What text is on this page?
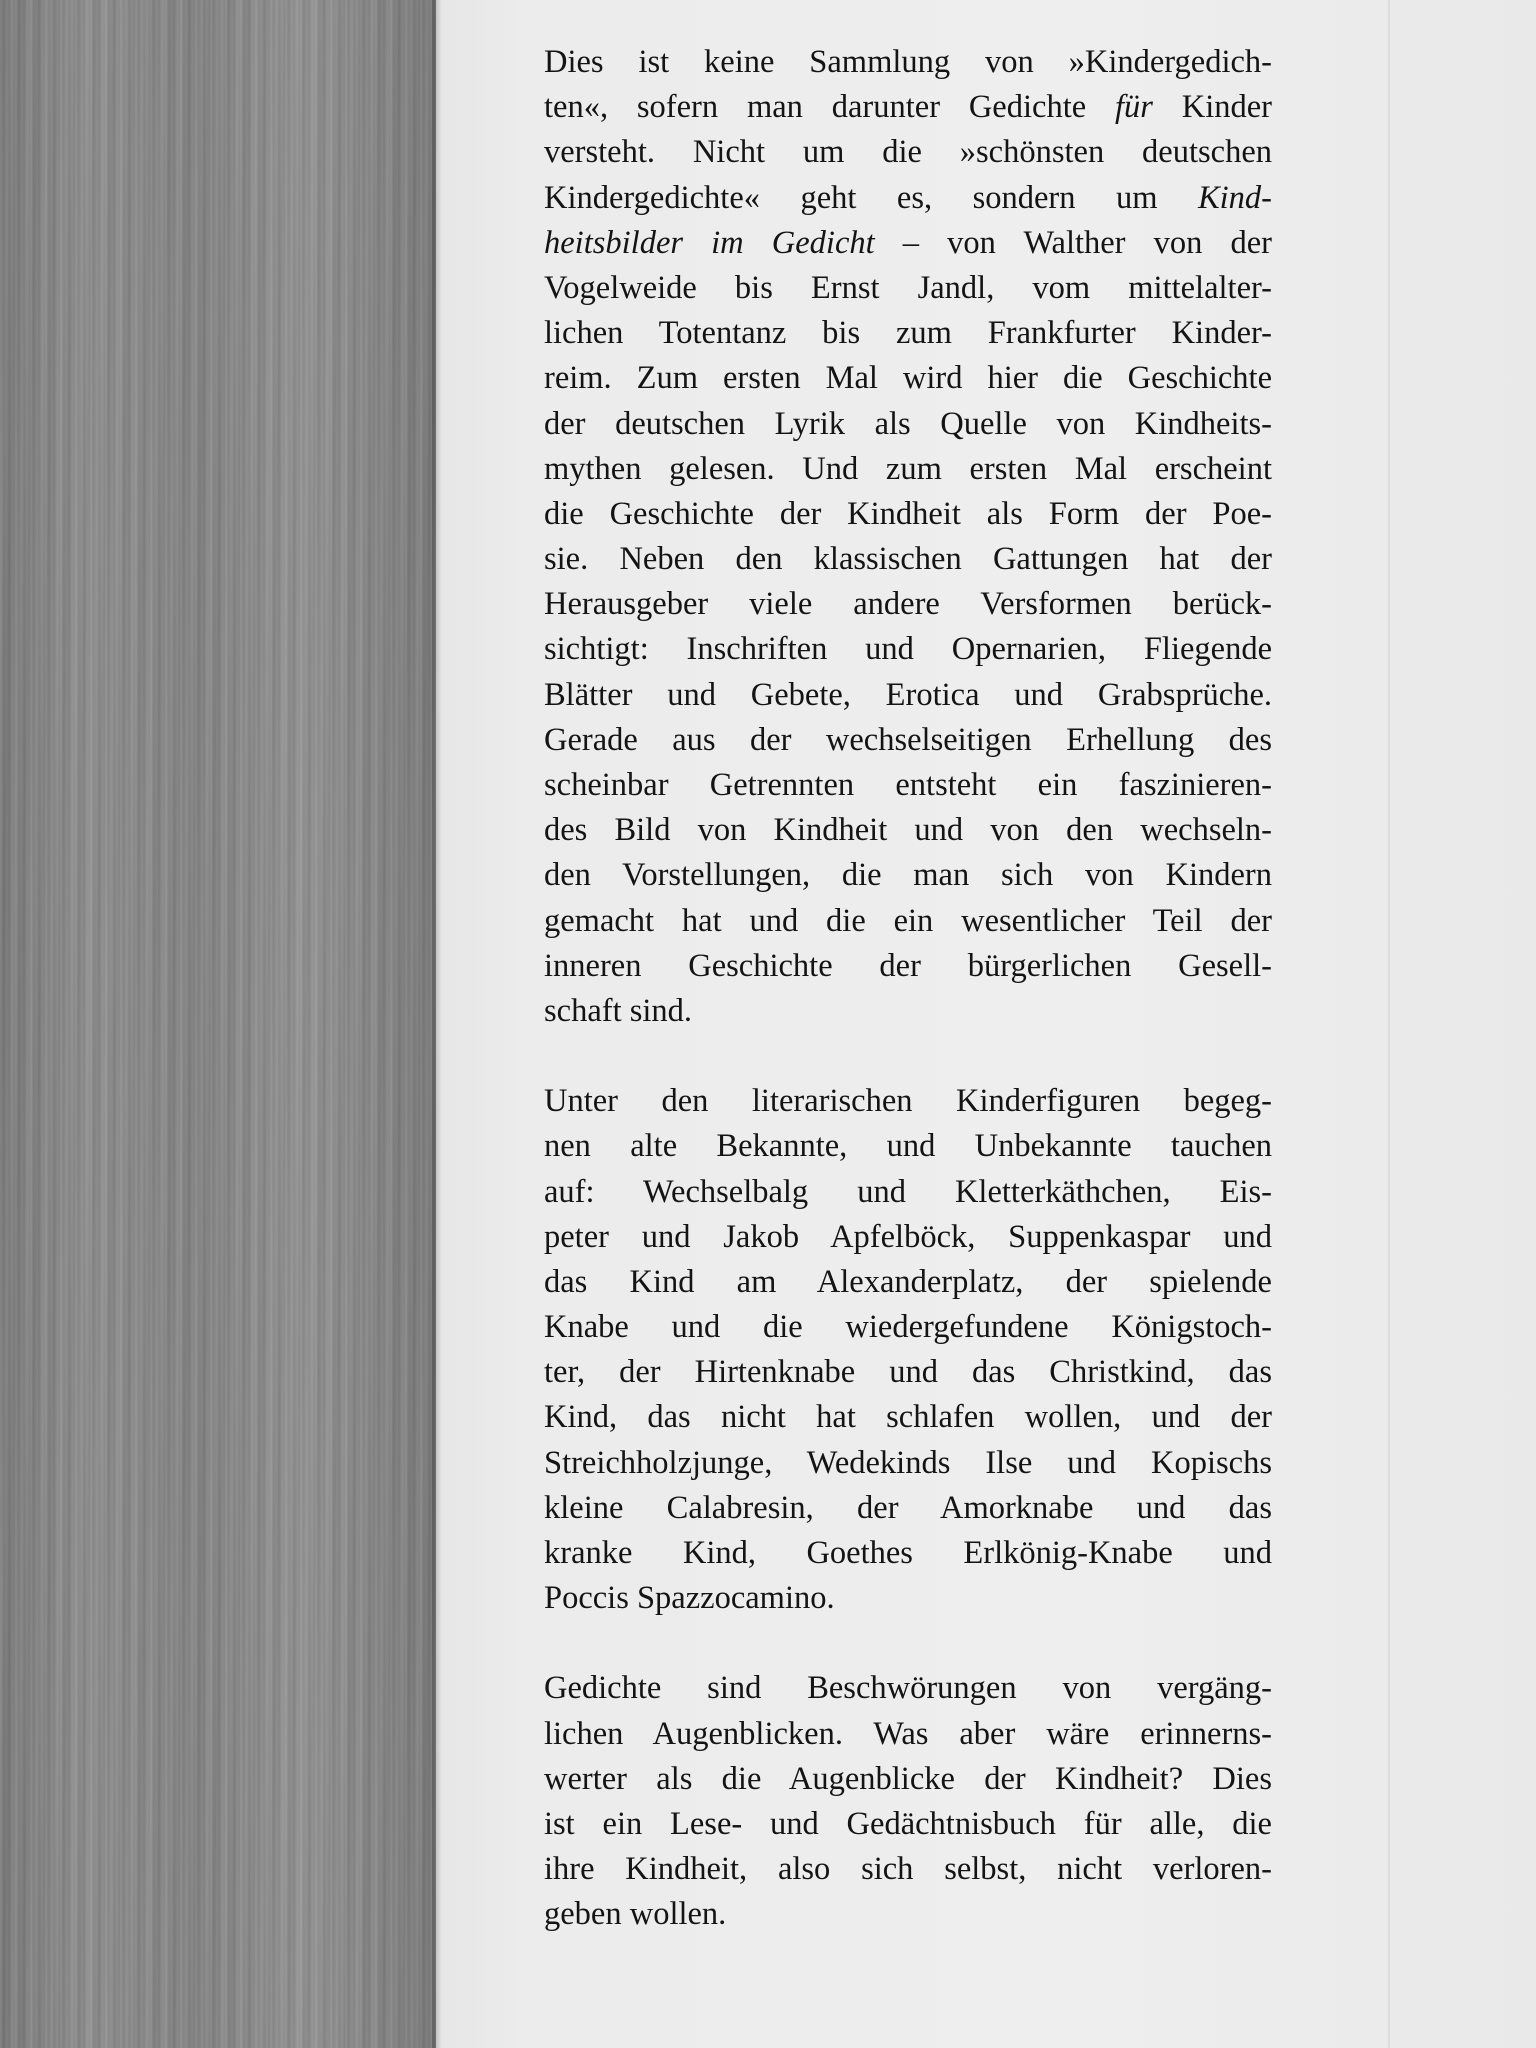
Dies ist keine Sammlung von »Kindergedich-
ten«, sofern man darunter Gedichte für Kinder
versteht. Nicht um die »schönsten deutschen
Kindergedichte« geht es, sondern um Kind-
heitsbilder im Gedicht – von Walther von der
Vogelweide bis Ernst Jandl, vom mittelalter-
lichen Totentanz bis zum Frankfurter Kinder-
reim. Zum ersten Mal wird hier die Geschichte
der deutschen Lyrik als Quelle von Kindheits-
mythen gelesen. Und zum ersten Mal erscheint
die Geschichte der Kindheit als Form der Poe-
sie. Neben den klassischen Gattungen hat der
Herausgeber viele andere Versformen berück-
sichtigt: Inschriften und Opernarien, Fliegende
Blätter und Gebete, Erotica und Grabsprüche.
Gerade aus der wechselseitigen Erhellung des
scheinbar Getrennten entsteht ein faszinieren-
des Bild von Kindheit und von den wechseln-
den Vorstellungen, die man sich von Kindern
gemacht hat und die ein wesentlicher Teil der
inneren Geschichte der bürgerlichen Gesell-
schaft sind.
Unter den literarischen Kinderfiguren begeg-
nen alte Bekannte, und Unbekannte tauchen
auf: Wechselbalg und Kletterkäthchen, Eis-
peter und Jakob Apfelböck, Suppenkaspar und
das Kind am Alexanderplatz, der spielende
Knabe und die wiedergefundene Königstoch-
ter, der Hirtenknabe und das Christkind, das
Kind, das nicht hat schlafen wollen, und der
Streichholzjunge, Wedekinds Ilse und Kopischs
kleine Calabresin, der Amorknabe und das
kranke Kind, Goethes Erlkönig-Knabe und
Poccis Spazzocamino.
Gedichte sind Beschwörungen von vergäng-
lichen Augenblicken. Was aber wäre erinnerns-
werter als die Augenblicke der Kindheit? Dies
ist ein Lese- und Gedächtnisbuch für alle, die
ihre Kindheit, also sich selbst, nicht verloren-
geben wollen.
